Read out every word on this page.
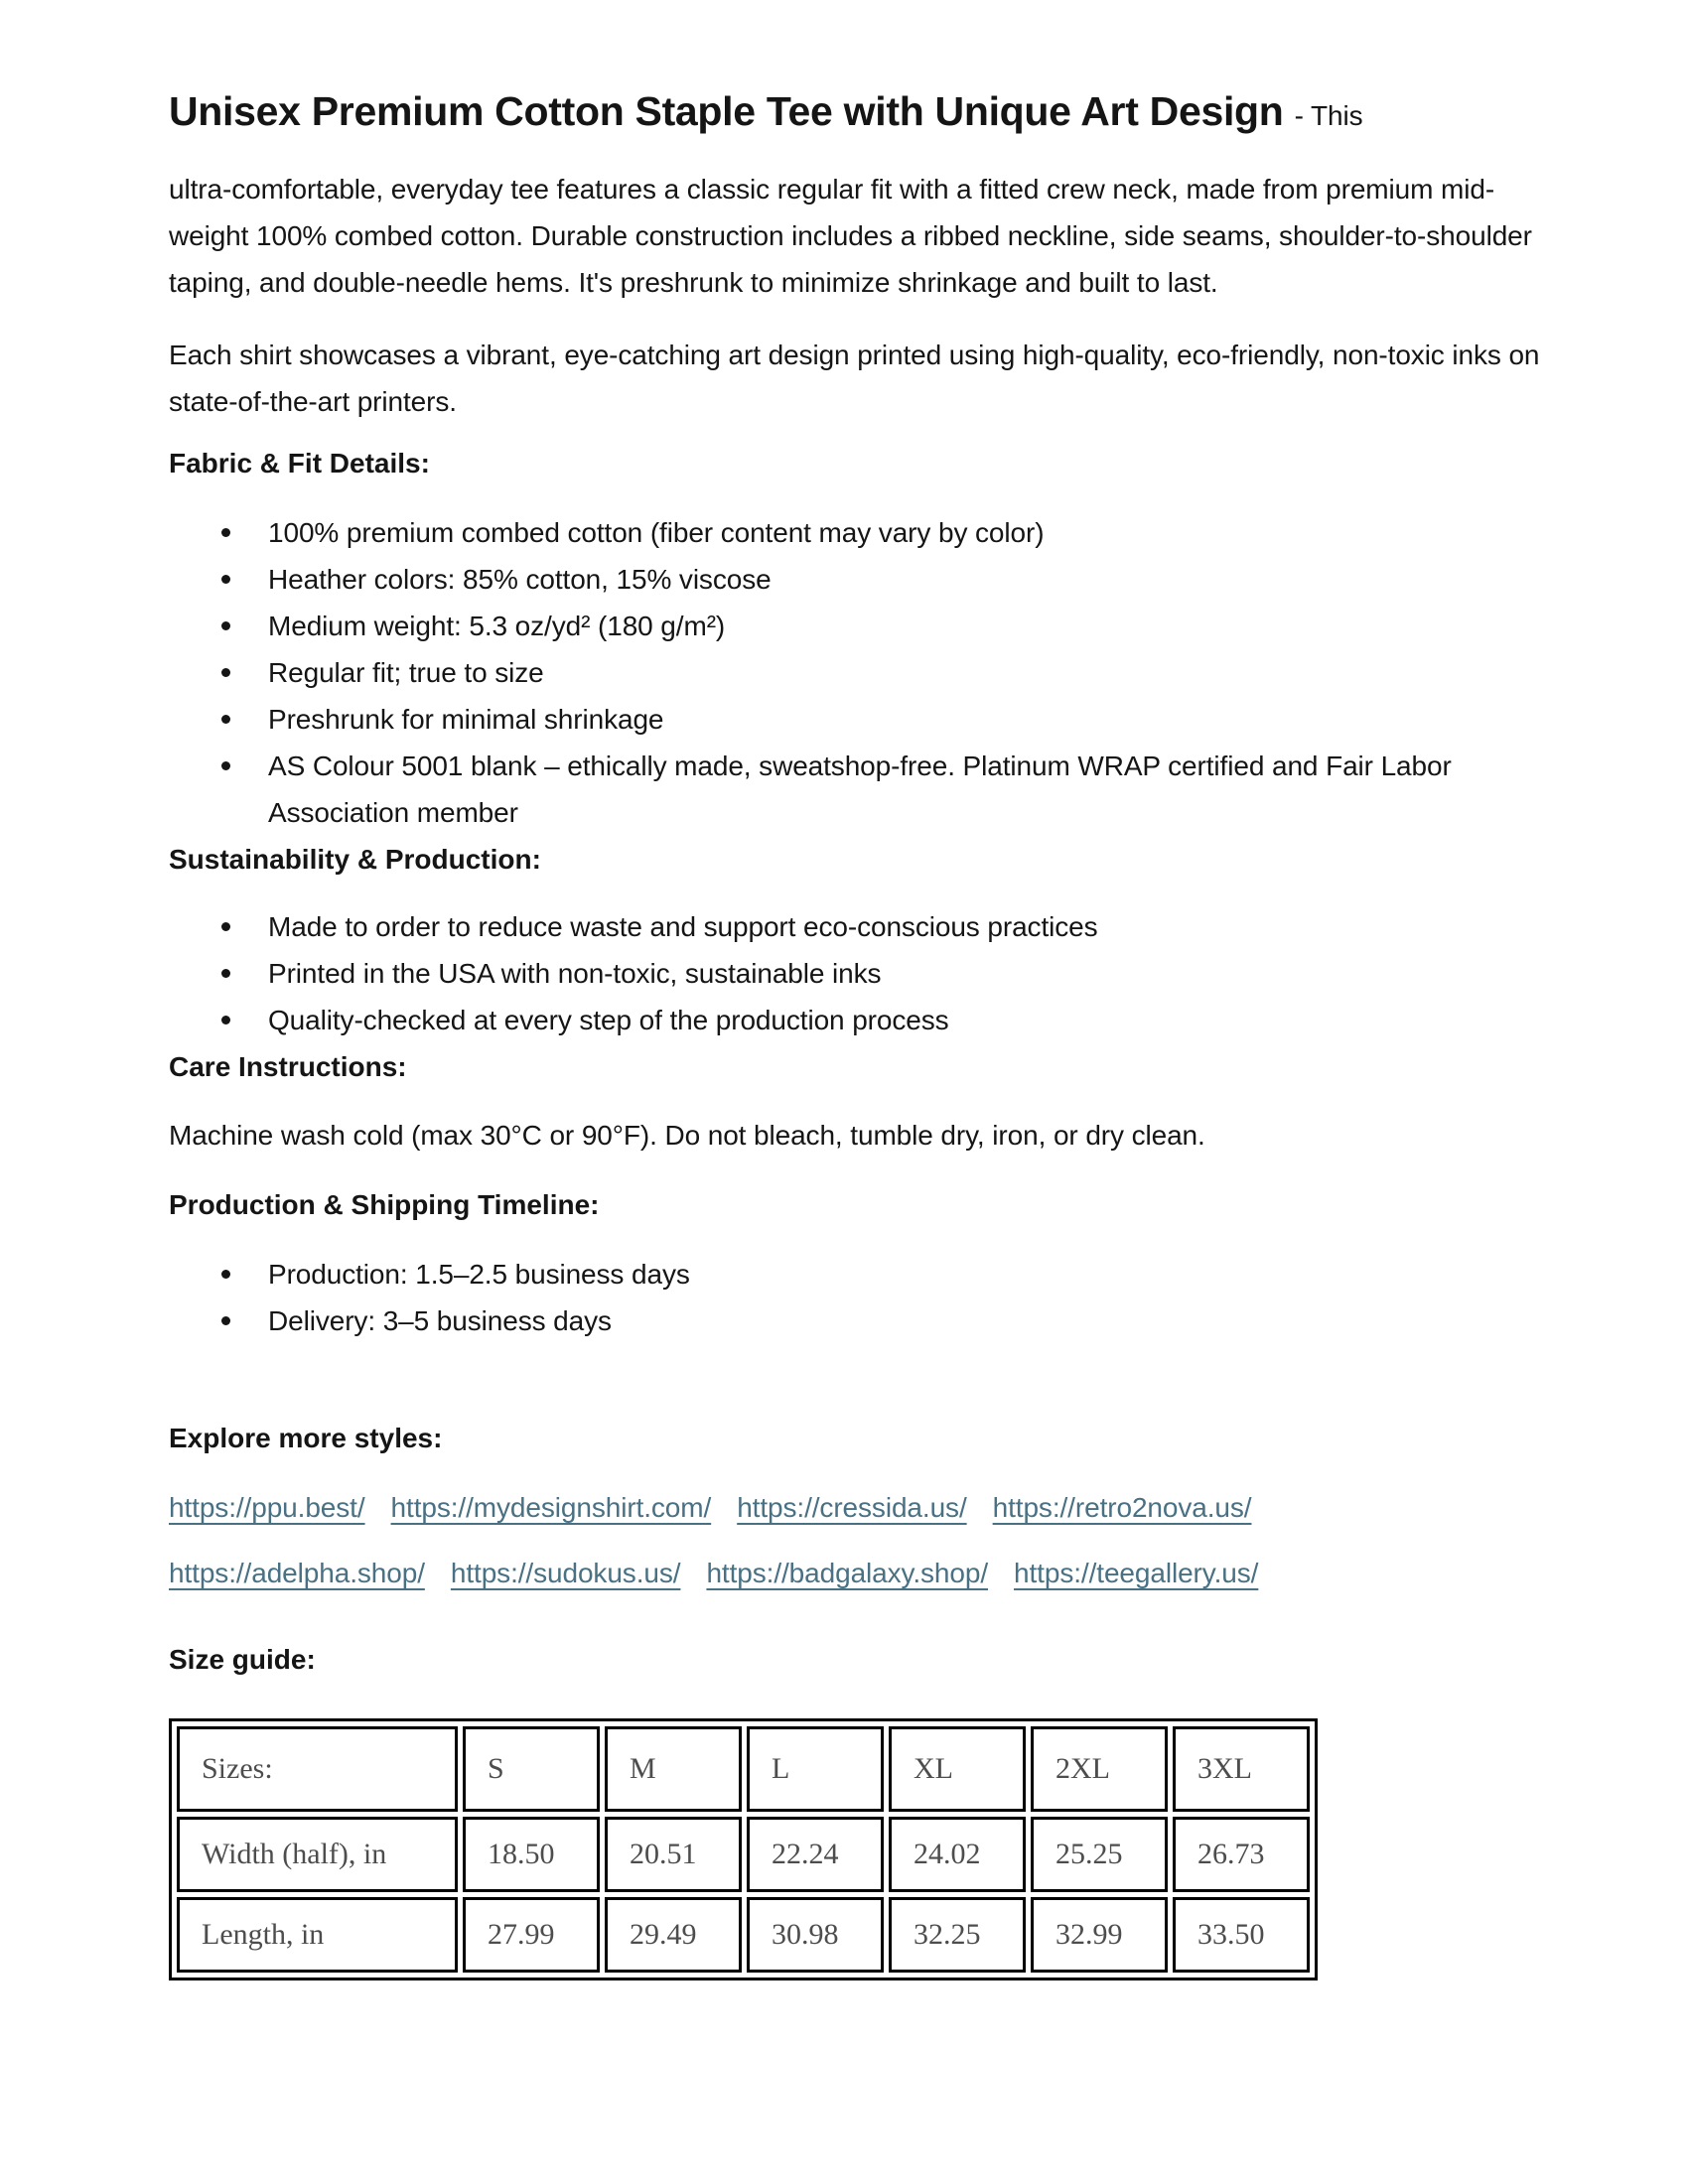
Unisex Premium Cotton Staple Tee with Unique Art Design - This

ultra-comfortable, everyday tee features a classic regular fit with a fitted crew neck, made from premium mid-weight 100% combed cotton. Durable construction includes a ribbed neckline, side seams, shoulder-to-shoulder taping, and double-needle hems. It's preshrunk to minimize shrinkage and built to last.

Each shirt showcases a vibrant, eye-catching art design printed using high-quality, eco-friendly, non-toxic inks on state-of-the-art printers.

Fabric & Fit Details:

100% premium combed cotton (fiber content may vary by color)
Heather colors: 85% cotton, 15% viscose
Medium weight: 5.3 oz/yd² (180 g/m²)
Regular fit; true to size
Preshrunk for minimal shrinkage
AS Colour 5001 blank – ethically made, sweatshop-free. Platinum WRAP certified and Fair Labor Association member

Sustainability & Production:

Made to order to reduce waste and support eco-conscious practices
Printed in the USA with non-toxic, sustainable inks
Quality-checked at every step of the production process

Care Instructions:

Machine wash cold (max 30°C or 90°F). Do not bleach, tumble dry, iron, or dry clean.

Production & Shipping Timeline:

Production: 1.5–2.5 business days
Delivery: 3–5 business days

Explore more styles:

https://ppu.best/ https://mydesignshirt.com/ https://cressida.us/ https://retro2nova.us/

https://adelpha.shop/ https://sudokus.us/ https://badgalaxy.shop/ https://teegallery.us/

Size guide:

Sizes:	S	M	L	XL	2XL	3XL
Width (half), in	18.50	20.51	22.24	24.02	25.25	26.73
Length, in	27.99	29.49	30.98	32.25	32.99	33.50
